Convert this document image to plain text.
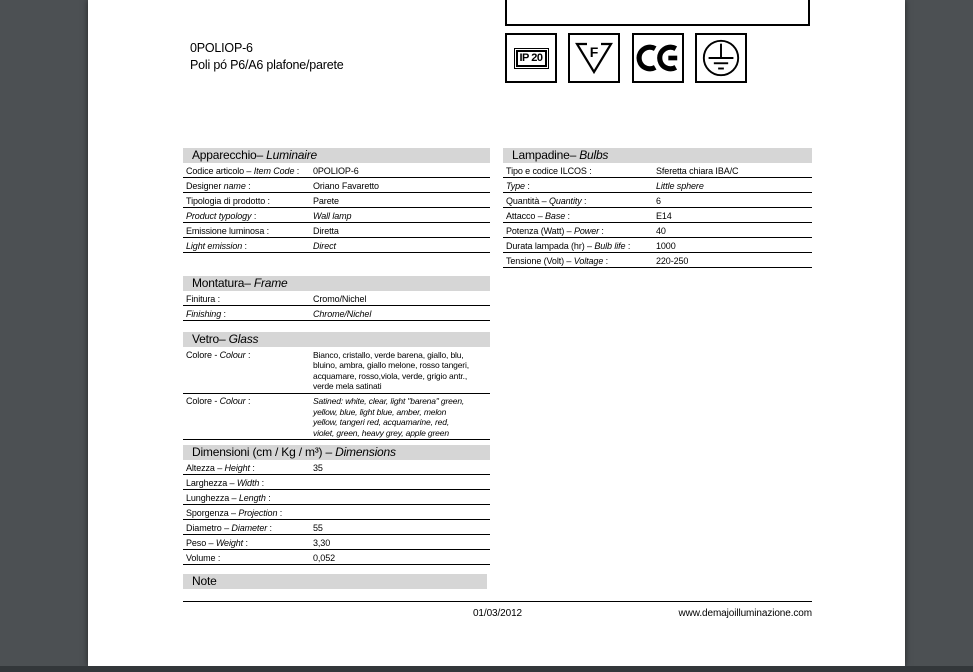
0POLIOP-6
Poli pó P6/A6 plafone/parete	IP 20	F
Apparecchio– Luminaire
Codice articolo – Item Code :	0POLIOP-6
Designer name :	Oriano Favaretto
Tipologia di prodotto :	Parete
Product typology :	Wall lamp
Emissione luminosa :	Diretta
Light emission :	Direct
Lampadine– Bulbs
Tipo e codice ILCOS :	Sferetta chiara IBA/C
Type :	Little sphere
Quantità – Quantity :	6
Attacco – Base :	E14
Potenza (Watt) – Power :	40
Durata lampada (hr) – Bulb life :	1000
Tensione (Volt) – Voltage :	220-250
Montatura– Frame
Finitura :	Cromo/Nichel
Finishing :	Chrome/Nichel
Vetro– Glass
Colore - Colour :	Bianco, cristallo, verde barena, giallo, blu,
bluino, ambra, giallo melone, rosso tangeri,
acquamare, rosso,viola, verde, grigio antr.,
verde mela satinati
Colore - Colour :	Satined: white, clear, light "barena" green,
yellow, blue, light blue, amber, melon
yellow, tangeri red, acquamarine, red,
violet, green, heavy grey, apple green
Dimensioni (cm / Kg / m³) – Dimensions
Altezza – Height :	35
Larghezza – Width :
Lunghezza – Length :
Sporgenza – Projection :
Diametro – Diameter :	55
Peso – Weight :	3,30
Volume :	0,052
Note
01/03/2012	www.demajoilluminazione.com
